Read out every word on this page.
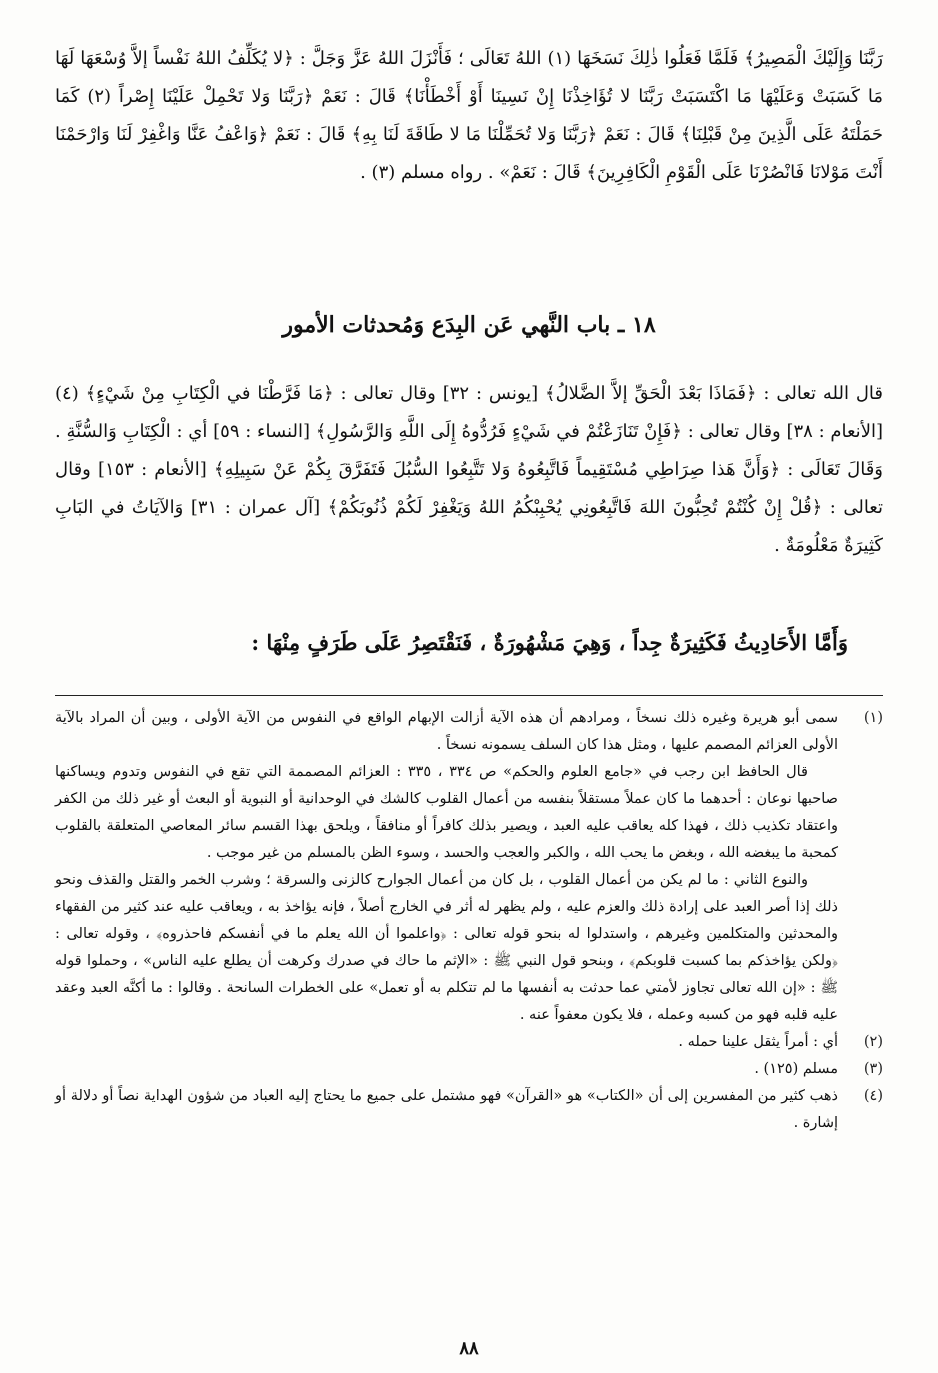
رَبَّنَا وَإِلَيْكَ الْمَصِيرُ﴾ فَلَمَّا فَعَلُوا ذٰلِكَ نَسَخَهَا (١) اللهُ تَعَالَى ؛ فَأَنْزَلَ اللهُ عَزَّ وَجَلَّ : ﴿لا يُكَلِّفُ اللهُ نَفْساً إلاَّ وُسْعَهَا لَهَا مَا كَسَبَتْ وَعَلَيْهَا مَا اكْتَسَبَتْ رَبَّنَا لا تُؤَاخِذْنَا إِنْ نَسِينَا أَوْ أَخْطَأْنَا﴾ قَالَ : نَعَمْ ﴿رَبَّنَا وَلا تَحْمِلْ عَلَيْنَا إِصْراً (٢) كَمَا حَمَلْتَهُ عَلَى الَّذِينَ مِنْ قَبْلِنَا﴾ قَالَ : نَعَمْ ﴿رَبَّنَا وَلا تُحَمِّلْنَا مَا لا طَاقَةَ لَنَا بِهِ﴾ قَالَ : نَعَمْ ﴿وَاعْفُ عَنَّا وَاغْفِرْ لَنَا وَارْحَمْنَا أَنْتَ مَوْلانَا فَانْصُرْنَا عَلَى الْقَوْمِ الْكَافِرِينَ﴾ قَالَ : نَعَمْ» . رواه مسلم (٣) .

١٨ ـ باب النَّهي عَن البِدَع وَمُحدثات الأمور

قال الله تعالى : ﴿فَمَاذَا بَعْدَ الْحَقِّ إلاَّ الضَّلالُ﴾ [يونس : ٣٢] وقال تعالى : ﴿مَا فَرَّطْنَا في الْكِتَابِ مِنْ شَيْءٍ﴾ (٤) [الأنعام : ٣٨] وقال تعالى : ﴿فَإِنْ تَنَازَعْتُمْ في شَيْءٍ فَرُدُّوهُ إِلَى اللَّهِ وَالرَّسُولِ﴾ [النساء : ٥٩] أي : الْكِتَابِ وَالسُّنَّةِ . وَقَالَ تَعَالَى : ﴿وَأَنَّ هَذا صِرَاطِي مُسْتَقِيماً فَاتَّبِعُوهُ وَلا تَتَّبِعُوا السُّبُلَ فَتَفَرَّقَ بِكُمْ عَنْ سَبِيلِهِ﴾ [الأنعام : ١٥٣] وقال تعالى : ﴿قُلْ إِنْ كُنْتُمْ تُحِبُّونَ اللهَ فَاتَّبِعُونِي يُحْبِبْكُمُ اللهُ وَيَغْفِرْ لَكُمْ ذُنُوبَكُمْ﴾ [آل عمران : ٣١] وَالآيَاتُ في البَابِ كَثِيرَةٌ مَعْلُومَةٌ .

وَأَمَّا الأَحَادِيثُ فَكَثِيرَةٌ جِداً ، وَهِيَ مَشْهُورَةٌ ، فَنَقْتَصِرُ عَلَى طَرَفٍ مِنْهَا :
(١)

سمى أبو هريرة وغيره ذلك نسخاً ، ومرادهم أن هذه الآية أزالت الإبهام الواقع في النفوس من الآية الأولى ، وبين أن المراد بالآية الأولى العزائم المصمم عليها ، ومثل هذا كان السلف يسمونه نسخاً .

قال الحافظ ابن رجب في «جامع العلوم والحكم» ص ٣٣٤ ، ٣٣٥ : العزائم المصممة التي تقع في النفوس وتدوم ويساكنها صاحبها نوعان : أحدهما ما كان عملاً مستقلاً بنفسه من أعمال القلوب كالشك في الوحدانية أو النبوية أو البعث أو غير ذلك من الكفر واعتقاد تكذيب ذلك ، فهذا كله يعاقب عليه العبد ، ويصير بذلك كافراً أو منافقاً ، ويلحق بهذا القسم سائر المعاصي المتعلقة بالقلوب كمحبة ما يبغضه الله ، وبغض ما يحب الله ، والكبر والعجب والحسد ، وسوء الظن بالمسلم من غير موجب .

والنوع الثاني : ما لم يكن من أعمال القلوب ، بل كان من أعمال الجوارح كالزنى والسرقة ؛ وشرب الخمر والقتل والقذف ونحو ذلك إذا أصر العبد على إرادة ذلك والعزم عليه ، ولم يظهر له أثر في الخارج أصلاً ، فإنه يؤاخذ به ، ويعاقب عليه عند كثير من الفقهاء والمحدثين والمتكلمين وغيرهم ، واستدلوا له بنحو قوله تعالى : ﴿واعلموا أن الله يعلم ما في أنفسكم فاحذروه﴾ ، وقوله تعالى : ﴿ولكن يؤاخذكم بما كسبت قلوبكم﴾ ، وبنحو قول النبي ﷺ : «الإثم ما حاك في صدرك وكرهت أن يطلع عليه الناس» ، وحملوا قوله ﷺ : «إن الله تعالى تجاوز لأمتي عما حدثت به أنفسها ما لم تتكلم به أو تعمل» على الخطرات السانحة . وقالوا : ما أكنَّه العبد وعقد عليه قلبه فهو من كسبه وعمله ، فلا يكون معفواً عنه .

(٢)

أي : أمراً يثقل علينا حمله .

(٣)

مسلم (١٢٥) .

(٤)

ذهب كثير من المفسرين إلى أن «الكتاب» هو «القرآن» فهو مشتمل على جميع ما يحتاج إليه العباد من شؤون الهداية نصاً أو دلالة أو إشارة .

٨٨
